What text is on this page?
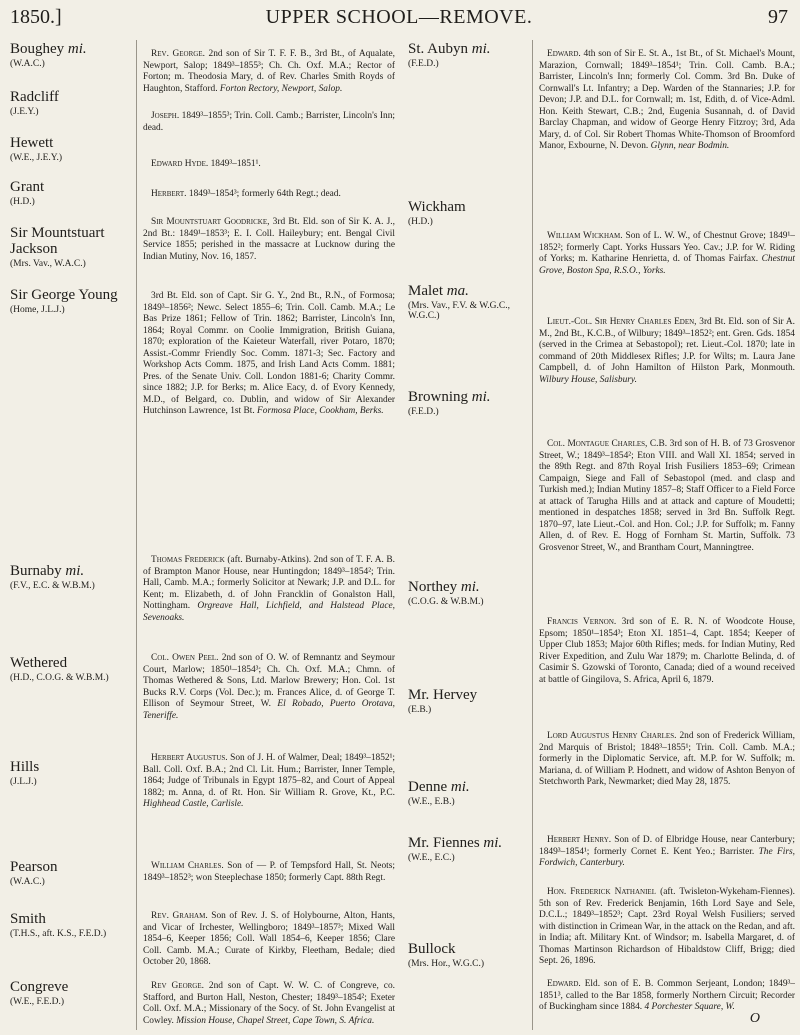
1850.]	UPPER SCHOOL—REMOVE.	97
Boughey mi.
(W.A.C.)
Radcliff
(J.E.Y.)
Hewett
(W.E., J.E.Y.)
Grant
(H.D.)
Sir Mountstuart Jackson
(Mrs. Vav., W.A.C.)
Sir George Young
(Home, J.L.J.)
Burnaby mi.
(F.V., E.C. & W.B.M.)
Wethered
(H.D., C.O.G. & W.B.M.)
Hills
(J.L.J.)
Pearson
(W.A.C.)
Smith
(T.H.S., aft. K.S., F.E.D.)
Congreve
(W.E., F.E.D.)

Rev. George. 2nd son of Sir T. F. F. B., 3rd Bt., of Aqualate, Newport, Salop; 1849³–1855³; Ch. Ch. Oxf. M.A.; Rector of Forton; m. Theodosia Mary, d. of Rev. Charles Smith Royds of Haughton, Stafford. Forton Rectory, Newport, Salop.

Joseph. 1849³–1855³; Trin. Coll. Camb.; Barrister, Lincoln's Inn; dead.

Edward Hyde. 1849³–1851¹.

Herbert. 1849³–1854³; formerly 64th Regt.; dead.

Sir Mountstuart Goodricke, 3rd Bt. Eld. son of Sir K. A. J., 2nd Bt.: 1849¹–1853³; E. I. Coll. Haileybury; ent. Bengal Civil Service 1855; perished in the massacre at Lucknow during the Indian Mutiny, Nov. 16, 1857.

3rd Bt. Eld. son of Capt. Sir G. Y., 2nd Bt., R.N., of Formosa; 1849³–1856²; Newc. Select 1855–6; Trin. Coll. Camb. M.A.; Le Bas Prize 1861; Fellow of Trin. 1862; Barrister, Lincoln's Inn, 1864; Royal Commr. on Coolie Immigration, British Guiana, 1870; exploration of the Kaieteur Waterfall, river Potaro, 1870; Assist.-Commr Friendly Soc. Comm. 1871-3; Sec. Factory and Workshop Acts Comm. 1875, and Irish Land Acts Comm. 1881; Pres. of the Senate Univ. Coll. London 1881-6; Charity Commr. since 1882; J.P. for Berks; m. Alice Eacy, d. of Evory Kennedy, M.D., of Belgard, co. Dublin, and widow of Sir Alexander Hutchinson Lawrence, 1st Bt. Formosa Place, Cookham, Berks.

Thomas Frederick (aft. Burnaby-Atkins). 2nd son of T. F. A. B. of Brampton Manor House, near Huntingdon; 1849³–1854²; Trin. Hall, Camb. M.A.; formerly Solicitor at Newark; J.P. and D.L. for Kent; m. Elizabeth, d. of John Francklin of Gonalston Hall, Nottingham. Orgreave Hall, Lichfield, and Halstead Place, Sevenoaks.

Col. Owen Peel. 2nd son of O. W. of Remnantz and Seymour Court, Marlow; 1850¹–1854³; Ch. Ch. Oxf. M.A.; Chmn. of Thomas Wethered & Sons, Ltd. Marlow Brewery; Hon. Col. 1st Bucks R.V. Corps (Vol. Dec.); m. Frances Alice, d. of George T. Ellison of Seymour Street, W. El Robado, Puerto Orotava, Teneriffe.

Herbert Augustus. Son of J. H. of Walmer, Deal; 1849³–1852¹; Ball. Coll. Oxf. B.A.; 2nd Cl. Lit. Hum.; Barrister, Inner Temple, 1864; Judge of Tribunals in Egypt 1875–82, and Court of Appeal 1882; m. Anna, d. of Rt. Hon. Sir William R. Grove, Kt., P.C. Highhead Castle, Carlisle.

William Charles. Son of — P. of Tempsford Hall, St. Neots; 1849³–1852³; won Steeplechase 1850; formerly Capt. 88th Regt.

Rev. Graham. Son of Rev. J. S. of Holybourne, Alton, Hants, and Vicar of Irchester, Wellingboro; 1849³–1857³; Mixed Wall 1854–6, Keeper 1856; Coll. Wall 1854–6, Keeper 1856; Clare Coll. Camb. M.A.; Curate of Kirkby, Fleetham, Bedale; died October 20, 1868.

Rev George. 2nd son of Capt. W. W. C. of Congreve, co. Stafford, and Burton Hall, Neston, Chester; 1849³–1854²; Exeter Coll. Oxf. M.A.; Missionary of the Socy. of St. John Evangelist at Cowley. Mission House, Chapel Street, Cape Town, S. Africa.

St. Aubyn mi.
(F.E.D.)
Wickham
(H.D.)
Malet ma.
(Mrs. Vav., F.V. & W.G.C., W.G.C.)
Browning mi.
(F.E.D.)
Northey mi.
(C.O.G. & W.B.M.)
Mr. Hervey
(E.B.)
Denne mi.
(W.E., E.B.)
Mr. Fiennes mi.
(W.E., E.C.)
Bullock
(Mrs. Hor., W.G.C.)

Edward. 4th son of Sir E. St. A., 1st Bt., of St. Michael's Mount, Marazion, Cornwall; 1849³–1854¹; Trin. Coll. Camb. B.A.; Barrister, Lincoln's Inn; formerly Col. Comm. 3rd Bn. Duke of Cornwall's Lt. Infantry; a Dep. Warden of the Stannaries; J.P. for Devon; J.P. and D.L. for Cornwall; m. 1st, Edith, d. of Vice-Adml. Hon. Keith Stewart, C.B.; 2nd, Eugenia Susannah, d. of David Barclay Chapman, and widow of George Henry Fitzroy; 3rd, Ada Mary, d. of Col. Sir Robert Thomas White-Thomson of Broomford Manor, Exbourne, N. Devon. Glynn, near Bodmin.

William Wickham. Son of L. W. W., of Chestnut Grove; 1849¹–1852²; formerly Capt. Yorks Hussars Yeo. Cav.; J.P. for W. Riding of Yorks; m. Katharine Henrietta, d. of Thomas Fairfax. Chestnut Grove, Boston Spa, R.S.O., Yorks.

Lieut.-Col. Sir Henry Charles Eden, 3rd Bt. Eld. son of Sir A. M., 2nd Bt., K.C.B., of Wilbury; 1849³–1852²; ent. Gren. Gds. 1854 (served in the Crimea at Sebastopol); ret. Lieut.-Col. 1870; late in command of 20th Middlesex Rifles; J.P. for Wilts; m. Laura Jane Campbell, d. of John Hamilton of Hilston Park, Monmouth. Wilbury House, Salisbury.

Col. Montague Charles, C.B. 3rd son of H. B. of 73 Grosvenor Street, W.; 1849³–1854²; Eton VIII. and Wall XI. 1854; served in the 89th Regt. and 87th Royal Irish Fusiliers 1853–69; Crimean Campaign, Siege and Fall of Sebastopol (med. and clasp and Turkish med.); Indian Mutiny 1857–8; Staff Officer to a Field Force at attack of Tarugha Hills and at attack and capture of Moudetti; mentioned in despatches 1858; served in 3rd Bn. Suffolk Regt. 1870–97, late Lieut.-Col. and Hon. Col.; J.P. for Suffolk; m. Fanny Allen, d. of Rev. E. Hogg of Fornham St. Martin, Suffolk. 73 Grosvenor Street, W., and Brantham Court, Manningtree.

Francis Vernon. 3rd son of E. R. N. of Woodcote House, Epsom; 1850¹–1854³; Eton XI. 1851–4, Capt. 1854; Keeper of Upper Club 1853; Major 60th Rifles; meds. for Indian Mutiny, Red River Expedition, and Zulu War 1879; m. Charlotte Belinda, d. of Casimir S. Gzowski of Toronto, Canada; died of a wound received at battle of Gingilova, S. Africa, April 6, 1879.

Lord Augustus Henry Charles. 2nd son of Frederick William, 2nd Marquis of Bristol; 1848³–1855¹; Trin. Coll. Camb. M.A.; formerly in the Diplomatic Service, aft. M.P. for W. Suffolk; m. Mariana, d. of William P. Hodnett, and widow of Ashton Benyon of Stetchworth Park, Newmarket; died May 28, 1875.

Herbert Henry. Son of D. of Elbridge House, near Canterbury; 1849³–1854¹; formerly Cornet E. Kent Yeo.; Barrister. The Firs, Fordwich, Canterbury.

Hon. Frederick Nathaniel (aft. Twisleton-Wykeham-Fiennes). 5th son of Rev. Frederick Benjamin, 16th Lord Saye and Sele, D.C.L.; 1849³–1852³; Capt. 23rd Royal Welsh Fusiliers; served with distinction in Crimean War, in the attack on the Redan, and aft. in India; aft. Military Knt. of Windsor; m. Isabella Margaret, d. of Thomas Martinson Richardson of Hibaldstow Cliff, Brigg; died Sept. 26, 1896.

Edward. Eld. son of E. B. Common Serjeant, London; 1849³–1851³, called to the Bar 1858, formerly Northern Circuit; Recorder of Buckingham since 1884. 4 Porchester Square, W.

O
